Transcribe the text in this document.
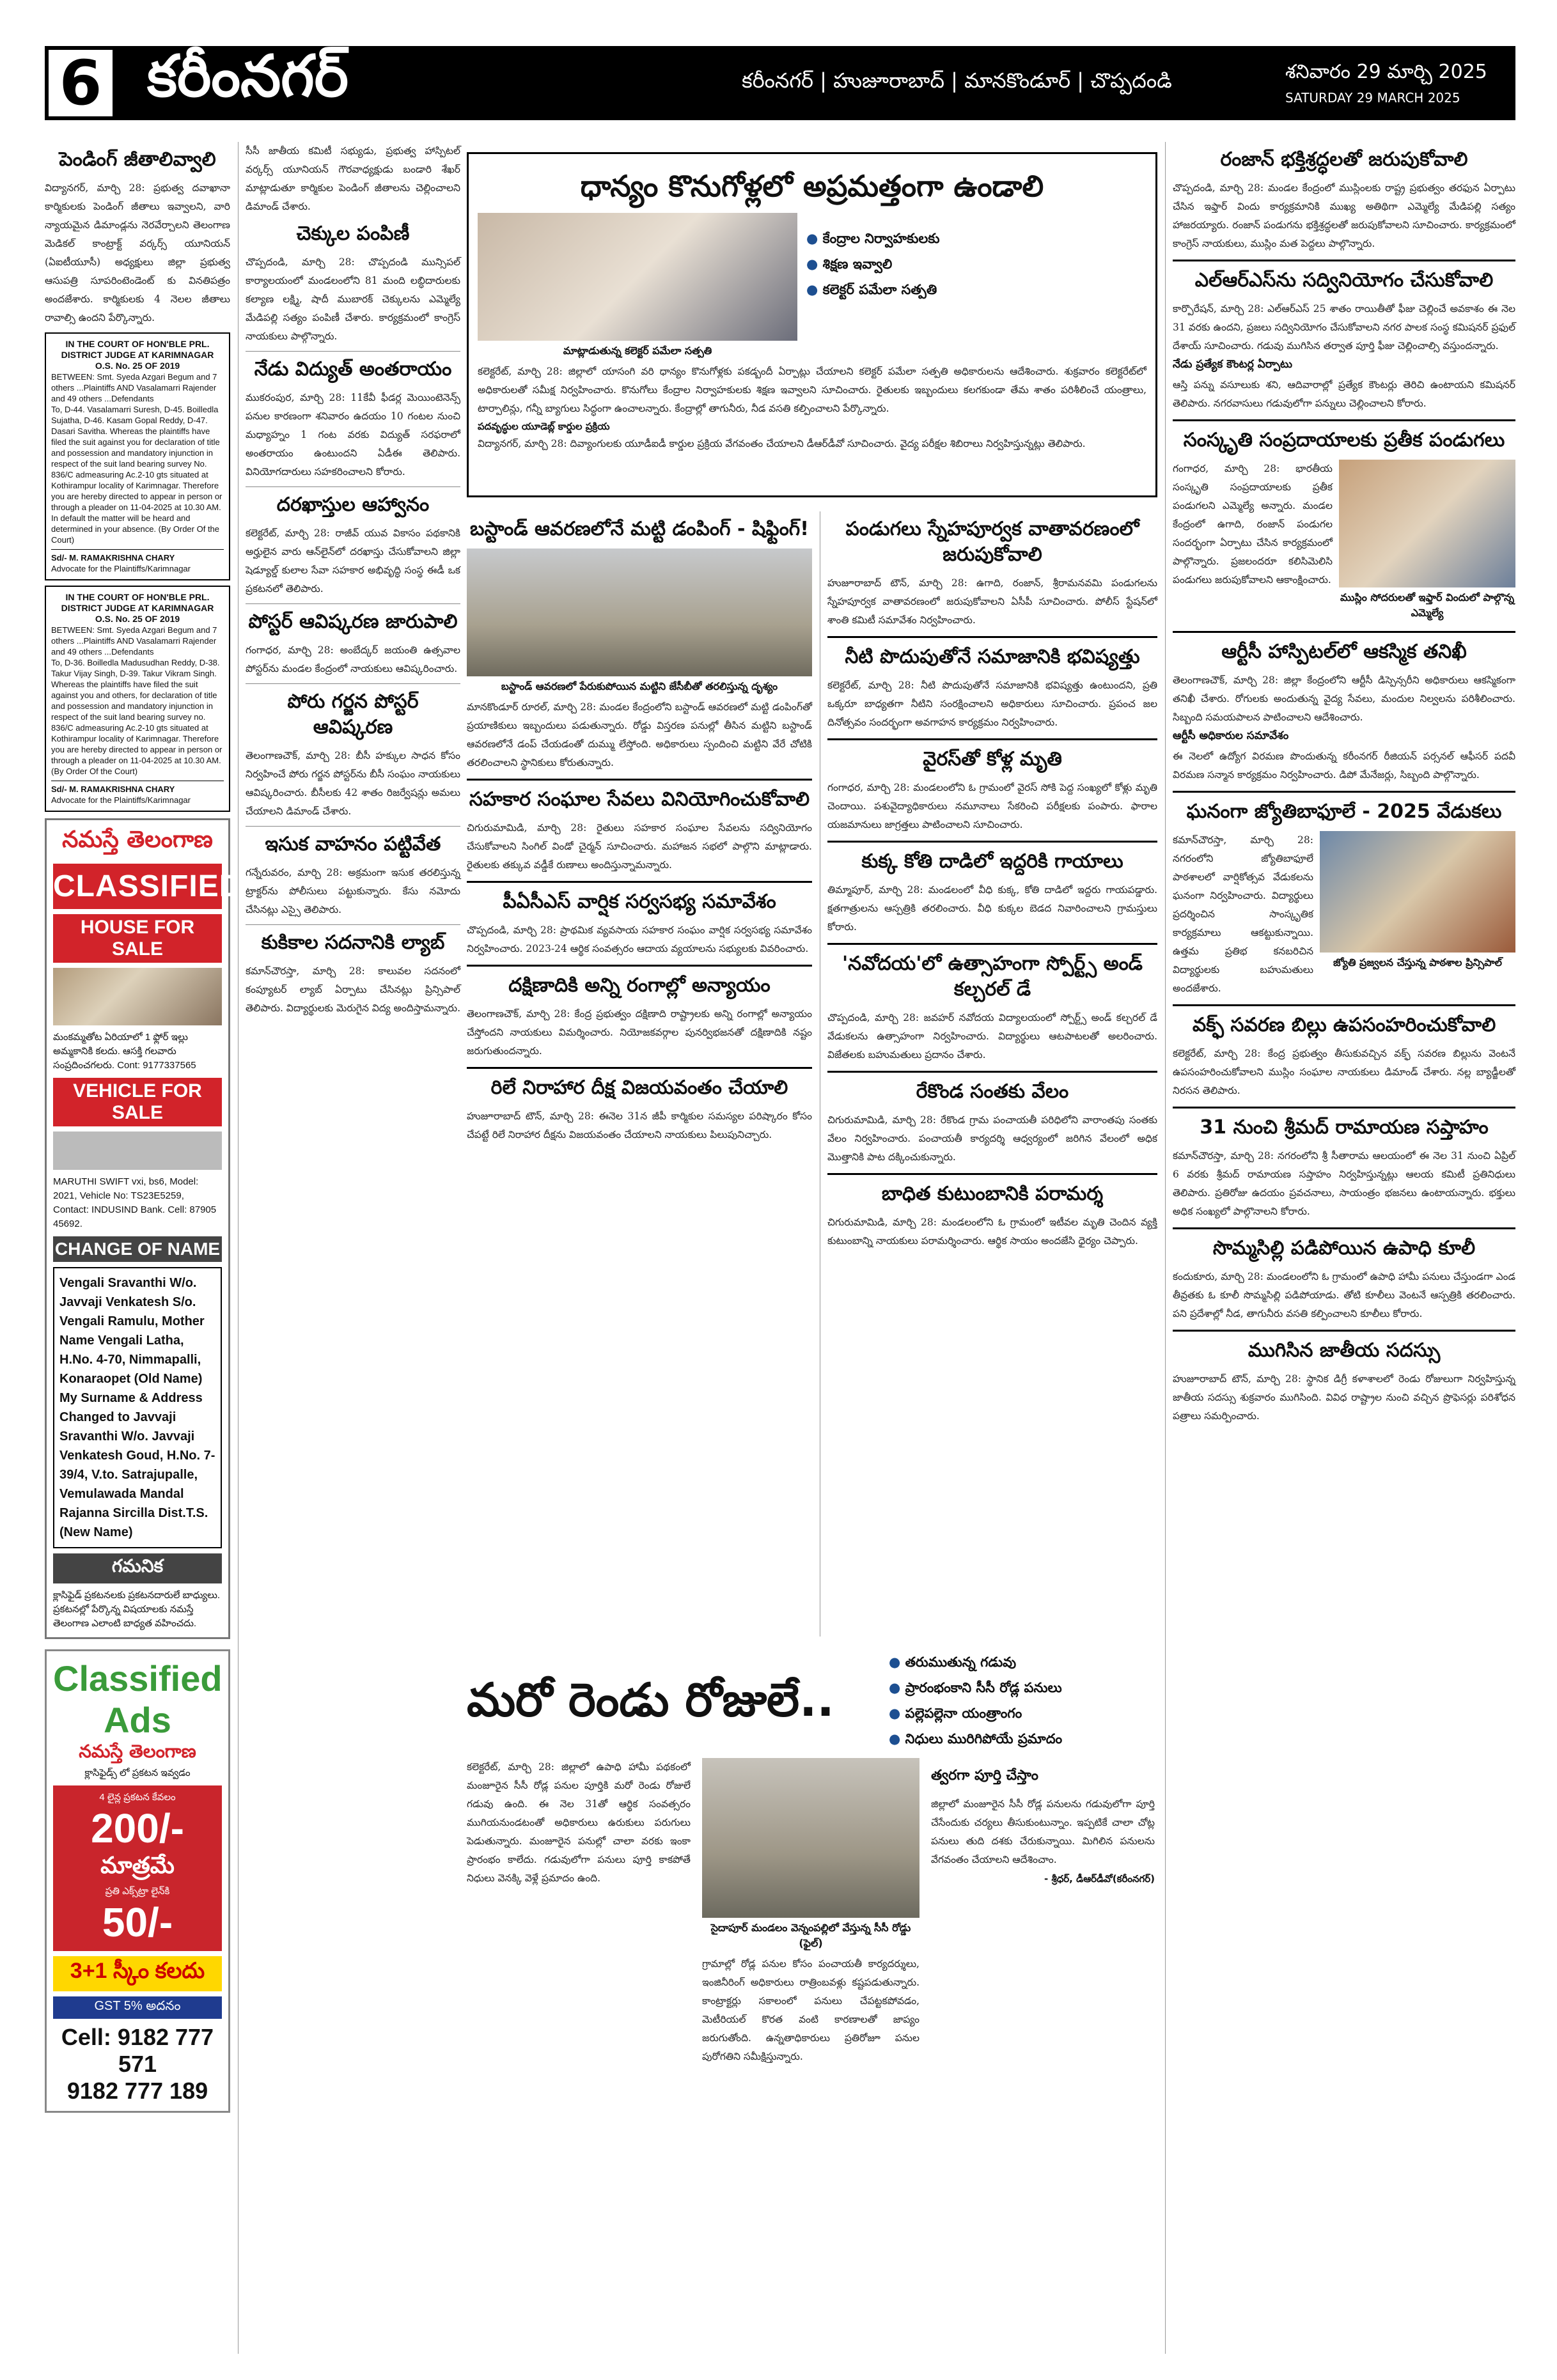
6 కరీంనగర్	కరీంనగర్ | హుజూరాబాద్ | మానకొండూర్ | చొప్పదండి	శనివారం 29 మార్చి 2025
SATURDAY 29 MARCH 2025
పెండింగ్ జీతాలివ్వాలి
విద్యానగర్, మార్చి 28: ప్రభుత్వ దవాఖానా కార్మికులకు పెండింగ్ జీతాలు ఇవ్వాలని, వారి న్యాయమైన డిమాండ్లను నెరవేర్చాలని తెలంగాణ మెడికల్ కాంట్రాక్ట్ వర్కర్స్ యూనియన్ (ఏఐటీయూసీ) అధ్యక్షులు జిల్లా ప్రభుత్వ ఆసుపత్రి సూపరింటెండెంట్ కు వినతిపత్రం అందజేశారు. కార్మికులకు 4 నెలల జీతాలు రావాల్సి ఉందని పేర్కొన్నారు.
IN THE COURT OF HON'BLE PRL. DISTRICT JUDGE AT KARIMNAGAR
O.S. No. 25 OF 2019
BETWEEN: Smt. Syeda Azgari Begum and 7 others ...Plaintiffs AND Vasalamarri Rajender and 49 others ...Defendants
To, D-44. Vasalamarri Suresh, D-45. Boilledla Sujatha, D-46. Kasam Gopal Reddy, D-47. Dasari Savitha. Whereas the plaintiffs have filed the suit against you for declaration of title and possession and mandatory injunction in respect of the suit land bearing survey No. 836/C admeasuring Ac.2-10 gts situated at Kothirampur locality of Karimnagar. Therefore you are hereby directed to appear in person or through a pleader on 11-04-2025 at 10.30 AM. In default the matter will be heard and determined in your absence. (By Order Of the Court)
Sd/- M. RAMAKRISHNA CHARY
Advocate for the Plaintiffs/Karimnagar
IN THE COURT OF HON'BLE PRL. DISTRICT JUDGE AT KARIMNAGAR
O.S. No. 25 OF 2019
BETWEEN: Smt. Syeda Azgari Begum and 7 others ...Plaintiffs AND Vasalamarri Rajender and 49 others ...Defendants
To, D-36. Boilledla Madusudhan Reddy, D-38. Takur Vijay Singh, D-39. Takur Vikram Singh. Whereas the plaintiffs have filed the suit against you and others, for declaration of title and possession and mandatory injunction in respect of the suit land bearing survey no. 836/C admeasuring Ac.2-10 gts situated at Kothirampur locality of Karimnagar. Therefore you are hereby directed to appear in person or through a pleader on 11-04-2025 at 10.30 AM. (By Order Of the Court)
Sd/- M. RAMAKRISHNA CHARY
Advocate for the Plaintiffs/Karimnagar
నమస్తే తెలంగాణ
CLASSIFIED
HOUSE FOR SALE
మంకమ్మతోట ఏరియాలో 1 ఫ్లోర్ ఇల్లు అమ్మకానికి కలదు. ఆసక్తి గలవారు సంప్రదించగలరు. Cont: 9177337565
VEHICLE FOR SALE
MARUTHI SWIFT vxi, bs6, Model: 2021, Vehicle No: TS23E5259, Contact: INDUSIND Bank. Cell: 87905 45692.
CHANGE OF NAME
Vengali Sravanthi W/o. Javvaji Venkatesh S/o. Vengali Ramulu, Mother Name Vengali Latha, H.No. 4-70, Nimmapalli, Konaraopet (Old Name) My Surname & Address Changed to Javvaji Sravanthi W/o. Javvaji Venkatesh Goud, H.No. 7-39/4, V.to. Satrajupalle, Vemulawada Mandal Rajanna Sircilla Dist.T.S. (New Name)
గమనిక
క్లాసిఫైడ్ ప్రకటనలకు ప్రకటనదారులే బాధ్యులు. ప్రకటనల్లో పేర్కొన్న విషయాలకు నమస్తే తెలంగాణ ఎలాంటి బాధ్యత వహించదు.
Classified Ads
నమస్తే తెలంగాణ
క్లాసిఫైడ్స్ లో ప్రకటన ఇవ్వడం
4 లైన్ల ప్రకటన కేవలం
200/- మాత్రమే
ప్రతి ఎక్స్‌ట్రా లైన్‌కి
50/-
3+1 స్కీం కలదు
GST 5% అదనం
Cell: 9182 777 571
9182 777 189
సీసీ జాతీయ కమిటీ సభ్యుడు, ప్రభుత్వ హాస్పిటల్ వర్కర్స్ యూనియన్ గౌరవాధ్యక్షుడు బండారి శేఖర్ మాట్లాడుతూ కార్మికుల పెండింగ్ జీతాలను చెల్లించాలని డిమాండ్ చేశారు.
చెక్కుల పంపిణీ
చొప్పదండి, మార్చి 28: చొప్పదండి మున్సిపల్ కార్యాలయంలో మండలంలోని 81 మంది లబ్ధిదారులకు కల్యాణ లక్ష్మి, షాదీ ముబారక్ చెక్కులను ఎమ్మెల్యే మేడిపల్లి సత్యం పంపిణీ చేశారు. కార్యక్రమంలో కాంగ్రెస్ నాయకులు పాల్గొన్నారు.
నేడు విద్యుత్ అంతరాయం
ముకరంపుర, మార్చి 28: 11కేవీ ఫీడర్ల మెయింటెనెన్స్ పనుల కారణంగా శనివారం ఉదయం 10 గంటల నుంచి మధ్యాహ్నం 1 గంట వరకు విద్యుత్ సరఫరాలో అంతరాయం ఉంటుందని ఏడీఈ తెలిపారు. వినియోగదారులు సహకరించాలని కోరారు.
దరఖాస్తుల ఆహ్వానం
కలెక్టరేట్, మార్చి 28: రాజీవ్ యువ వికాసం పథకానికి అర్హులైన వారు ఆన్‌లైన్‌లో దరఖాస్తు చేసుకోవాలని జిల్లా షెడ్యూల్డ్ కులాల సేవా సహకార అభివృద్ధి సంస్థ ఈడీ ఒక ప్రకటనలో తెలిపారు.
పోస్టర్ ఆవిష్కరణ జారుపాలి
గంగాధర, మార్చి 28: అంబేద్కర్ జయంతి ఉత్సవాల పోస్టర్‌ను మండల కేంద్రంలో నాయకులు ఆవిష్కరించారు.
పోరు గర్జన పోస్టర్ ఆవిష్కరణ
తెలంగాణచౌక్, మార్చి 28: బీసీ హక్కుల సాధన కోసం నిర్వహించే పోరు గర్జన పోస్టర్‌ను బీసీ సంఘం నాయకులు ఆవిష్కరించారు. బీసీలకు 42 శాతం రిజర్వేషన్లు అమలు చేయాలని డిమాండ్ చేశారు.
ఇసుక వాహనం పట్టివేత
గన్నేరువరం, మార్చి 28: అక్రమంగా ఇసుక తరలిస్తున్న ట్రాక్టర్‌ను పోలీసులు పట్టుకున్నారు. కేసు నమోదు చేసినట్లు ఎస్సై తెలిపారు.
కుకికాల సదనానికి ల్యాబ్
కమాన్‌చౌరస్తా, మార్చి 28: కాలువల సదనంలో కంప్యూటర్ ల్యాబ్ ఏర్పాటు చేసినట్లు ప్రిన్సిపాల్ తెలిపారు. విద్యార్థులకు మెరుగైన విద్య అందిస్తామన్నారు.
ధాన్యం కొనుగోళ్లలో అప్రమత్తంగా ఉండాలి
మాట్లాడుతున్న కలెక్టర్ పమేలా సత్పతి
● కేంద్రాల నిర్వాహకులకు
● శిక్షణ ఇవ్వాలి
● కలెక్టర్ పమేలా సత్పతి
కలెక్టరేట్, మార్చి 28: జిల్లాలో యాసంగి వరి ధాన్యం కొనుగోళ్లకు పకడ్బందీ ఏర్పాట్లు చేయాలని కలెక్టర్ పమేలా సత్పతి అధికారులను ఆదేశించారు. శుక్రవారం కలెక్టరేట్‌లో అధికారులతో సమీక్ష నిర్వహించారు. కొనుగోలు కేంద్రాల నిర్వాహకులకు శిక్షణ ఇవ్వాలని సూచించారు. రైతులకు ఇబ్బందులు కలగకుండా తేమ శాతం పరిశీలించే యంత్రాలు, టార్పాలిన్లు, గన్నీ బ్యాగులు సిద్ధంగా ఉంచాలన్నారు. కేంద్రాల్లో తాగునీరు, నీడ వసతి కల్పించాలని పేర్కొన్నారు.
పదవృద్ధుల యూడెబ్ల్ కార్డుల ప్రక్రియ
విద్యానగర్, మార్చి 28: దివ్యాంగులకు యూడీఐడీ కార్డుల ప్రక్రియ వేగవంతం చేయాలని డీఆర్‌డీవో సూచించారు. వైద్య పరీక్షల శిబిరాలు నిర్వహిస్తున్నట్లు తెలిపారు.
బస్టాండ్ ఆవరణలోనే మట్టి డంపింగ్ - షిఫ్టింగ్!
బస్టాండ్ ఆవరణలో పేరుకుపోయిన మట్టిని జేసీబీతో తరలిస్తున్న దృశ్యం
మానకొండూర్ రూరల్, మార్చి 28: మండల కేంద్రంలోని బస్టాండ్ ఆవరణలో మట్టి డంపింగ్‌తో ప్రయాణికులు ఇబ్బందులు పడుతున్నారు. రోడ్డు విస్తరణ పనుల్లో తీసిన మట్టిని బస్టాండ్ ఆవరణలోనే డంప్ చేయడంతో దుమ్ము లేస్తోంది. అధికారులు స్పందించి మట్టిని వేరే చోటికి తరలించాలని స్థానికులు కోరుతున్నారు.
సహకార సంఘాల సేవలు వినియోగించుకోవాలి
చిగురుమామిడి, మార్చి 28: రైతులు సహకార సంఘాల సేవలను సద్వినియోగం చేసుకోవాలని సింగిల్ విండో చైర్మన్ సూచించారు. మహాజన సభలో పాల్గొని మాట్లాడారు. రైతులకు తక్కువ వడ్డీకే రుణాలు అందిస్తున్నామన్నారు.
పీఏసీఎస్ వార్షిక సర్వసభ్య సమావేశం
చొప్పదండి, మార్చి 28: ప్రాథమిక వ్యవసాయ సహకార సంఘం వార్షిక సర్వసభ్య సమావేశం నిర్వహించారు. 2023-24 ఆర్థిక సంవత్సరం ఆదాయ వ్యయాలను సభ్యులకు వివరించారు.
దక్షిణాదికి అన్ని రంగాల్లో అన్యాయం
తెలంగాణచౌక్, మార్చి 28: కేంద్ర ప్రభుత్వం దక్షిణాది రాష్ట్రాలకు అన్ని రంగాల్లో అన్యాయం చేస్తోందని నాయకులు విమర్శించారు. నియోజకవర్గాల పునర్విభజనతో దక్షిణాదికి నష్టం జరుగుతుందన్నారు.
రిలే నిరాహార దీక్ష విజయవంతం చేయాలి
హుజూరాబాద్ టౌన్, మార్చి 28: ఈనెల 31న జీపీ కార్మికుల సమస్యల పరిష్కారం కోసం చేపట్టే రిలే నిరాహార దీక్షను విజయవంతం చేయాలని నాయకులు పిలుపునిచ్చారు.
పండుగలు స్నేహపూర్వక వాతావరణంలో జరుపుకోవాలి
హుజూరాబాద్ టౌన్, మార్చి 28: ఉగాది, రంజాన్, శ్రీరామనవమి పండుగలను స్నేహపూర్వక వాతావరణంలో జరుపుకోవాలని ఏసీపీ సూచించారు. పోలీస్ స్టేషన్‌లో శాంతి కమిటీ సమావేశం నిర్వహించారు.
నీటి పొదుపుతోనే సమాజానికి భవిష్యత్తు
కలెక్టరేట్, మార్చి 28: నీటి పొదుపుతోనే సమాజానికి భవిష్యత్తు ఉంటుందని, ప్రతి ఒక్కరూ బాధ్యతగా నీటిని సంరక్షించాలని అధికారులు సూచించారు. ప్రపంచ జల దినోత్సవం సందర్భంగా అవగాహన కార్యక్రమం నిర్వహించారు.
వైరస్‌తో కోళ్ల మృతి
గంగాధర, మార్చి 28: మండలంలోని ఓ గ్రామంలో వైరస్ సోకి పెద్ద సంఖ్యలో కోళ్లు మృతి చెందాయి. పశువైద్యాధికారులు నమూనాలు సేకరించి పరీక్షలకు పంపారు. ఫారాల యజమానులు జాగ్రత్తలు పాటించాలని సూచించారు.
కుక్క కోతి దాడిలో ఇద్దరికి గాయాలు
తిమ్మాపూర్, మార్చి 28: మండలంలో వీధి కుక్క, కోతి దాడిలో ఇద్దరు గాయపడ్డారు. క్షతగాత్రులను ఆస్పత్రికి తరలించారు. వీధి కుక్కల బెడద నివారించాలని గ్రామస్తులు కోరారు.
'నవోదయ'లో ఉత్సాహంగా స్పోర్ట్స్ అండ్ కల్చరల్ డే
చొప్పదండి, మార్చి 28: జవహర్ నవోదయ విద్యాలయంలో స్పోర్ట్స్ అండ్ కల్చరల్ డే వేడుకలను ఉత్సాహంగా నిర్వహించారు. విద్యార్థులు ఆటపాటలతో అలరించారు. విజేతలకు బహుమతులు ప్రదానం చేశారు.
రేకొండ సంతకు వేలం
చిగురుమామిడి, మార్చి 28: రేకొండ గ్రామ పంచాయతీ పరిధిలోని వారాంతపు సంతకు వేలం నిర్వహించారు. పంచాయతీ కార్యదర్శి ఆధ్వర్యంలో జరిగిన వేలంలో అధిక మొత్తానికి పాట దక్కించుకున్నారు.
బాధిత కుటుంబానికి పరామర్శ
చిగురుమామిడి, మార్చి 28: మండలంలోని ఓ గ్రామంలో ఇటీవల మృతి చెందిన వ్యక్తి కుటుంబాన్ని నాయకులు పరామర్శించారు. ఆర్థిక సాయం అందజేసి ధైర్యం చెప్పారు.
మరో రెండు రోజులే..
● తరుముతున్న గడువు
● ప్రారంభంకాని సీసీ రోడ్ల పనులు
● పల్లెపల్లెనా యంత్రాంగం
● నిధులు మురిగిపోయే ప్రమాదం
కలెక్టరేట్, మార్చి 28: జిల్లాలో ఉపాధి హామీ పథకంలో మంజూరైన సీసీ రోడ్ల పనుల పూర్తికి మరో రెండు రోజులే గడువు ఉంది. ఈ నెల 31తో ఆర్థిక సంవత్సరం ముగియనుండటంతో అధికారులు ఉరుకులు పరుగులు పెడుతున్నారు. మంజూరైన పనుల్లో చాలా వరకు ఇంకా ప్రారంభం కాలేదు. గడువులోగా పనులు పూర్తి కాకపోతే నిధులు వెనక్కి వెళ్లే ప్రమాదం ఉంది.
సైదాపూర్ మండలం వెన్నంపల్లిలో వేస్తున్న సీసీ రోడ్డు (ఫైల్)
గ్రామాల్లో రోడ్ల పనుల కోసం పంచాయతీ కార్యదర్శులు, ఇంజినీరింగ్ అధికారులు రాత్రింబవళ్లు కష్టపడుతున్నారు. కాంట్రాక్టర్లు సకాలంలో పనులు చేపట్టకపోవడం, మెటీరియల్ కొరత వంటి కారణాలతో జాప్యం జరుగుతోంది. ఉన్నతాధికారులు ప్రతిరోజూ పనుల పురోగతిని సమీక్షిస్తున్నారు.
త్వరగా పూర్తి చేస్తాం
జిల్లాలో మంజూరైన సీసీ రోడ్ల పనులను గడువులోగా పూర్తి చేసేందుకు చర్యలు తీసుకుంటున్నాం. ఇప్పటికే చాలా చోట్ల పనులు తుది దశకు చేరుకున్నాయి. మిగిలిన పనులను వేగవంతం చేయాలని ఆదేశించాం.
- శ్రీధర్, డీఆర్‌డీవో(కరీంనగర్)
రంజాన్ భక్తిశ్రద్ధలతో జరుపుకోవాలి
చొప్పదండి, మార్చి 28: మండల కేంద్రంలో ముస్లింలకు రాష్ట్ర ప్రభుత్వం తరఫున ఏర్పాటు చేసిన ఇఫ్తార్ విందు కార్యక్రమానికి ముఖ్య అతిథిగా ఎమ్మెల్యే మేడిపల్లి సత్యం హాజరయ్యారు. రంజాన్ పండుగను భక్తిశ్రద్ధలతో జరుపుకోవాలని సూచించారు. కార్యక్రమంలో కాంగ్రెస్ నాయకులు, ముస్లిం మత పెద్దలు పాల్గొన్నారు.
ఎల్ఆర్ఎస్‌ను సద్వినియోగం చేసుకోవాలి
కార్పొరేషన్, మార్చి 28: ఎల్ఆర్ఎస్ 25 శాతం రాయితీతో ఫీజు చెల్లించే అవకాశం ఈ నెల 31 వరకు ఉందని, ప్రజలు సద్వినియోగం చేసుకోవాలని నగర పాలక సంస్థ కమిషనర్ ప్రఫుల్ దేశాయ్ సూచించారు. గడువు ముగిసిన తర్వాత పూర్తి ఫీజు చెల్లించాల్సి వస్తుందన్నారు.
నేడు ప్రత్యేక కౌంటర్ల ఏర్పాటు
ఆస్తి పన్ను వసూలుకు శని, ఆదివారాల్లో ప్రత్యేక కౌంటర్లు తెరిచి ఉంటాయని కమిషనర్ తెలిపారు. నగరవాసులు గడువులోగా పన్నులు చెల్లించాలని కోరారు.
సంస్కృతి సంప్రదాయాలకు ప్రతీక పండుగలు
గంగాధర, మార్చి 28: భారతీయ సంస్కృతి సంప్రదాయాలకు ప్రతీక పండుగలని ఎమ్మెల్యే అన్నారు. మండల కేంద్రంలో ఉగాది, రంజాన్ పండుగల సందర్భంగా ఏర్పాటు చేసిన కార్యక్రమంలో పాల్గొన్నారు. ప్రజలందరూ కలిసిమెలిసి పండుగలు జరుపుకోవాలని ఆకాంక్షించారు.
ముస్లిం సోదరులతో ఇఫ్తార్ విందులో పాల్గొన్న ఎమ్మెల్యే
ఆర్టీసీ హాస్పిటల్‌లో ఆకస్మిక తనిఖీ
తెలంగాణచౌక్, మార్చి 28: జిల్లా కేంద్రంలోని ఆర్టీసీ డిస్పెన్సరీని అధికారులు ఆకస్మికంగా తనిఖీ చేశారు. రోగులకు అందుతున్న వైద్య సేవలు, మందుల నిల్వలను పరిశీలించారు. సిబ్బంది సమయపాలన పాటించాలని ఆదేశించారు.
ఆర్టీసీ అధికారుల సమావేశం
ఈ నెలలో ఉద్యోగ విరమణ పొందుతున్న కరీంనగర్ రీజియన్ పర్సనల్ ఆఫీసర్ పదవీ విరమణ సన్మాన కార్యక్రమం నిర్వహించారు. డిపో మేనేజర్లు, సిబ్బంది పాల్గొన్నారు.
ఘనంగా జ్యోతిబాఫూలే - 2025 వేడుకలు
కమాన్‌చౌరస్తా, మార్చి 28: నగరంలోని జ్యోతిబాఫూలే పాఠశాలలో వార్షికోత్సవ వేడుకలను ఘనంగా నిర్వహించారు. విద్యార్థులు ప్రదర్శించిన సాంస్కృతిక కార్యక్రమాలు ఆకట్టుకున్నాయి. ఉత్తమ ప్రతిభ కనబరిచిన విద్యార్థులకు బహుమతులు అందజేశారు.
జ్యోతి ప్రజ్వలన చేస్తున్న పాఠశాల ప్రిన్సిపాల్
వక్ఫ్ సవరణ బిల్లు ఉపసంహరించుకోవాలి
కలెక్టరేట్, మార్చి 28: కేంద్ర ప్రభుత్వం తీసుకువచ్చిన వక్ఫ్ సవరణ బిల్లును వెంటనే ఉపసంహరించుకోవాలని ముస్లిం సంఘాల నాయకులు డిమాండ్ చేశారు. నల్ల బ్యాడ్జీలతో నిరసన తెలిపారు.
31 నుంచి శ్రీమద్ రామాయణ సప్తాహం
కమాన్‌చౌరస్తా, మార్చి 28: నగరంలోని శ్రీ సీతారామ ఆలయంలో ఈ నెల 31 నుంచి ఏప్రిల్ 6 వరకు శ్రీమద్ రామాయణ సప్తాహం నిర్వహిస్తున్నట్లు ఆలయ కమిటీ ప్రతినిధులు తెలిపారు. ప్రతిరోజు ఉదయం ప్రవచనాలు, సాయంత్రం భజనలు ఉంటాయన్నారు. భక్తులు అధిక సంఖ్యలో పాల్గొనాలని కోరారు.
సొమ్మసిల్లి పడిపోయిన ఉపాధి కూలీ
కందుకూరు, మార్చి 28: మండలంలోని ఓ గ్రామంలో ఉపాధి హామీ పనులు చేస్తుండగా ఎండ తీవ్రతకు ఓ కూలీ సొమ్మసిల్లి పడిపోయాడు. తోటి కూలీలు వెంటనే ఆస్పత్రికి తరలించారు. పని ప్రదేశాల్లో నీడ, తాగునీరు వసతి కల్పించాలని కూలీలు కోరారు.
ముగిసిన జాతీయ సదస్సు
హుజూరాబాద్ టౌన్, మార్చి 28: స్థానిక డిగ్రీ కళాశాలలో రెండు రోజులుగా నిర్వహిస్తున్న జాతీయ సదస్సు శుక్రవారం ముగిసింది. వివిధ రాష్ట్రాల నుంచి వచ్చిన ప్రొఫెసర్లు పరిశోధన పత్రాలు సమర్పించారు.
